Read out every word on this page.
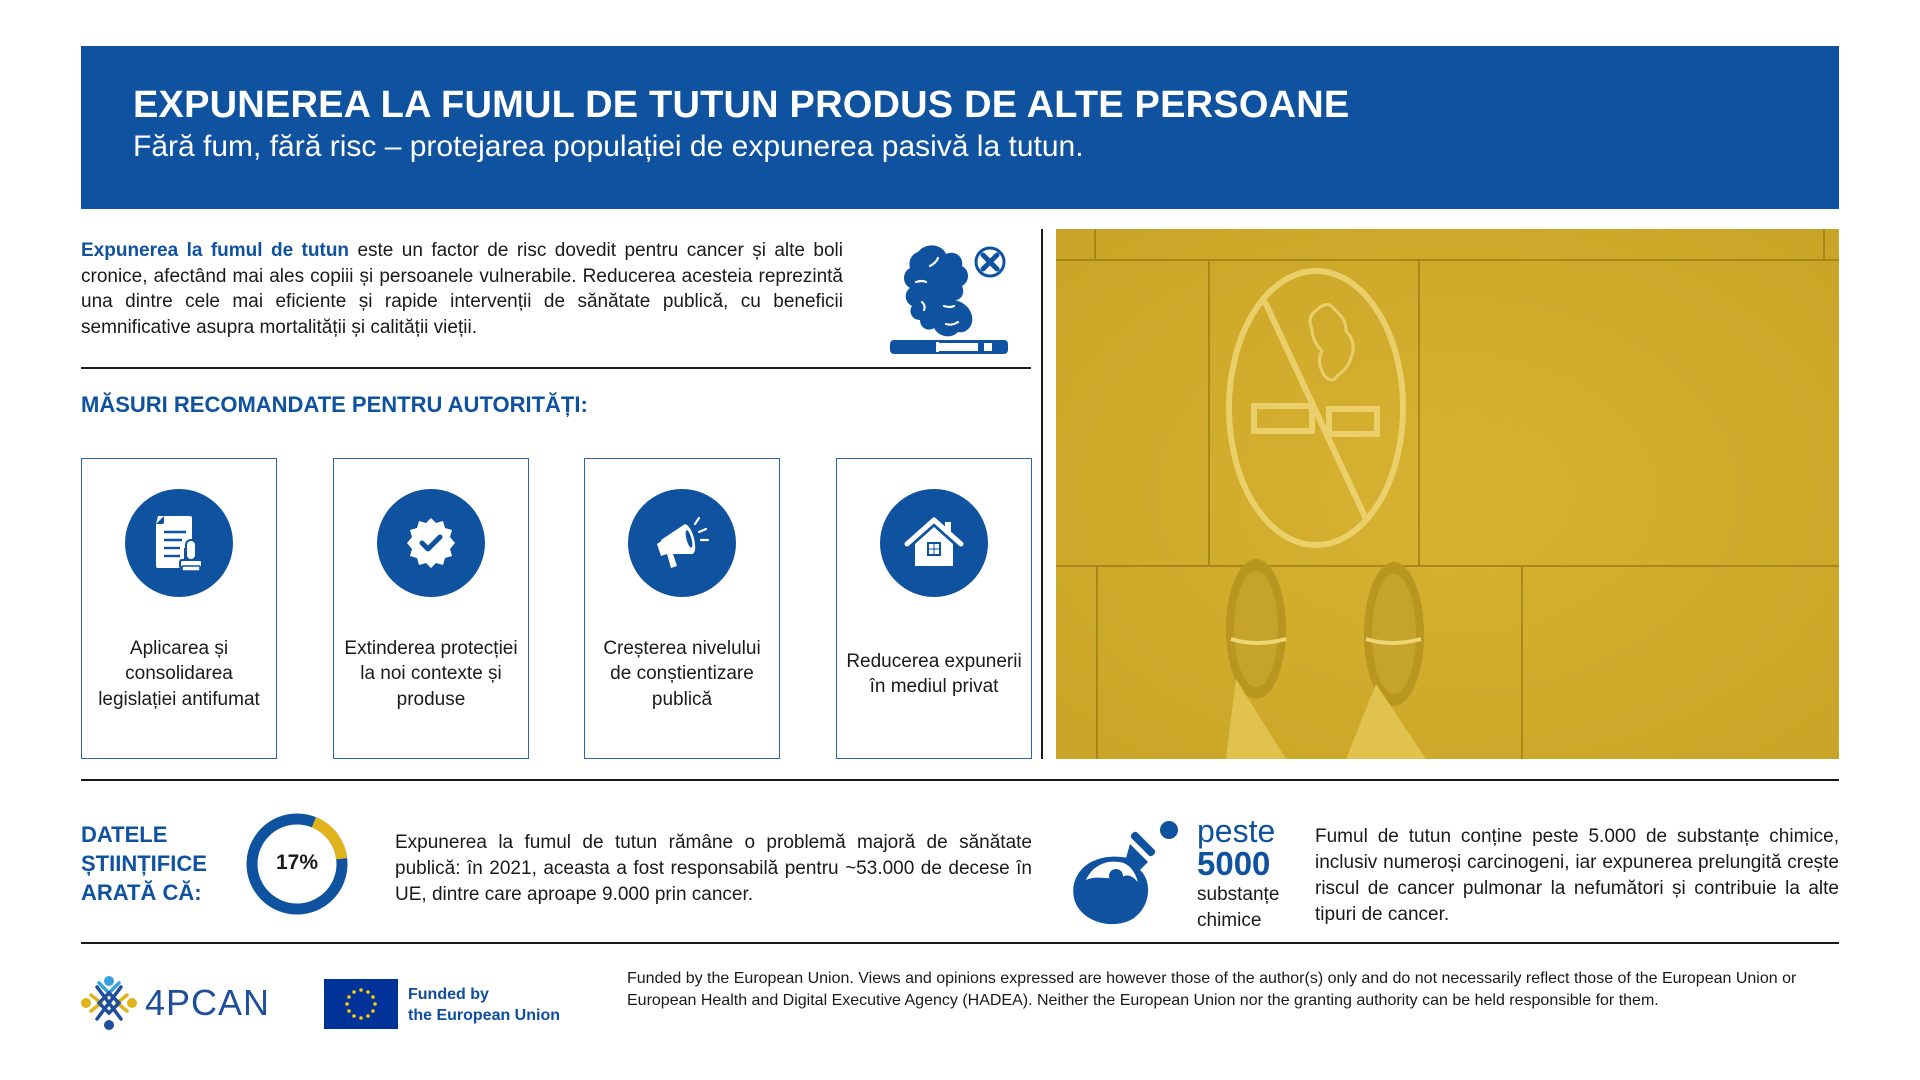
EXPUNEREA LA FUMUL DE TUTUN PRODUS DE ALTE PERSOANE
Fără fum, fără risc – protejarea populației de expunerea pasivă la tutun.

Expunerea la fumul de tutun este un factor de risc dovedit pentru cancer și alte boli cronice, afectând mai ales copiii și persoanele vulnerabile. Reducerea acesteia reprezintă una dintre cele mai eficiente și rapide intervenții de sănătate publică, cu beneficii semnificative asupra mortalității și calității vieții.

MĂSURI RECOMANDATE PENTRU AUTORITĂȚI:
Aplicarea și consolidarea legislației antifumat
Extinderea protecției la noi contexte și produse
Creșterea nivelului de conștientizare publică
Reducerea expunerii în mediul privat
DATELE
ȘTIINȚIFICE
ARATĂ CĂ:
17%

Expunerea la fumul de tutun rămâne o problemă majoră de sănătate publică: în 2021, aceasta a fost responsabilă pentru ~53.000 de decese în UE, dintre care aproape 9.000 prin cancer.

peste
5000
substanțe
chimice

Fumul de tutun conține peste 5.000 de substanțe chimice, inclusiv numeroși carcinogeni, iar expunerea prelungită crește riscul de cancer pulmonar la nefumători și contribuie la alte tipuri de cancer.

4PCAN	Funded by
the European Union

Funded by the European Union. Views and opinions expressed are however those of the author(s) only and do not necessarily reflect those of the European Union or European Health and Digital Executive Agency (HADEA). Neither the European Union nor the granting authority can be held responsible for them.
